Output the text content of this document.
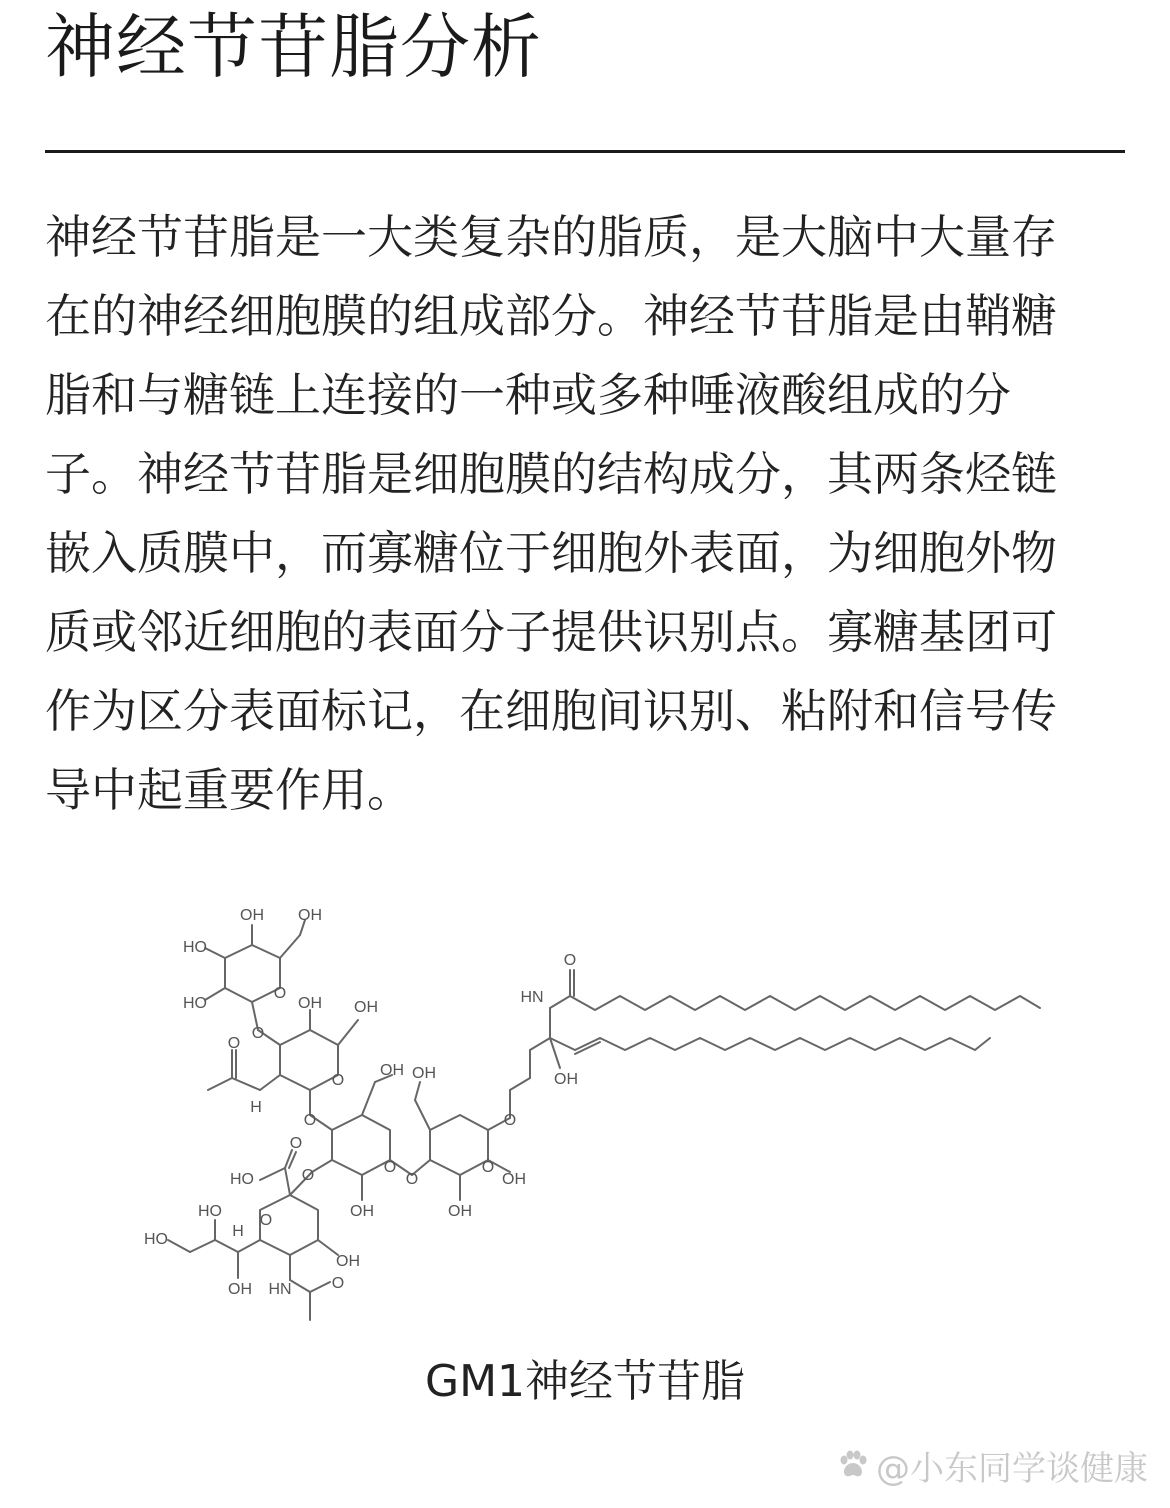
神经节苷脂分析
神经节苷脂是一大类复杂的脂质，是大脑中大量存
在的神经细胞膜的组成部分。神经节苷脂是由鞘糖
脂和与糖链上连接的一种或多种唾液酸组成的分
子。神经节苷脂是细胞膜的结构成分，其两条烃链
嵌入质膜中，而寡糖位于细胞外表面，为细胞外物
质或邻近细胞的表面分子提供识别点。寡糖基团可
作为区分表面标记，在细胞间识别、粘附和信号传
导中起重要作用。
OH OH
HO
HO
O
OH OH
O
O
H
O
O
OH OH
O	O
O
O
O
OH	OH
OH
O
HO
O
OH
HN	O
H
OH
HO
HO
O
HN
OH
GM1神经节苷脂
@小东同学谈健康
